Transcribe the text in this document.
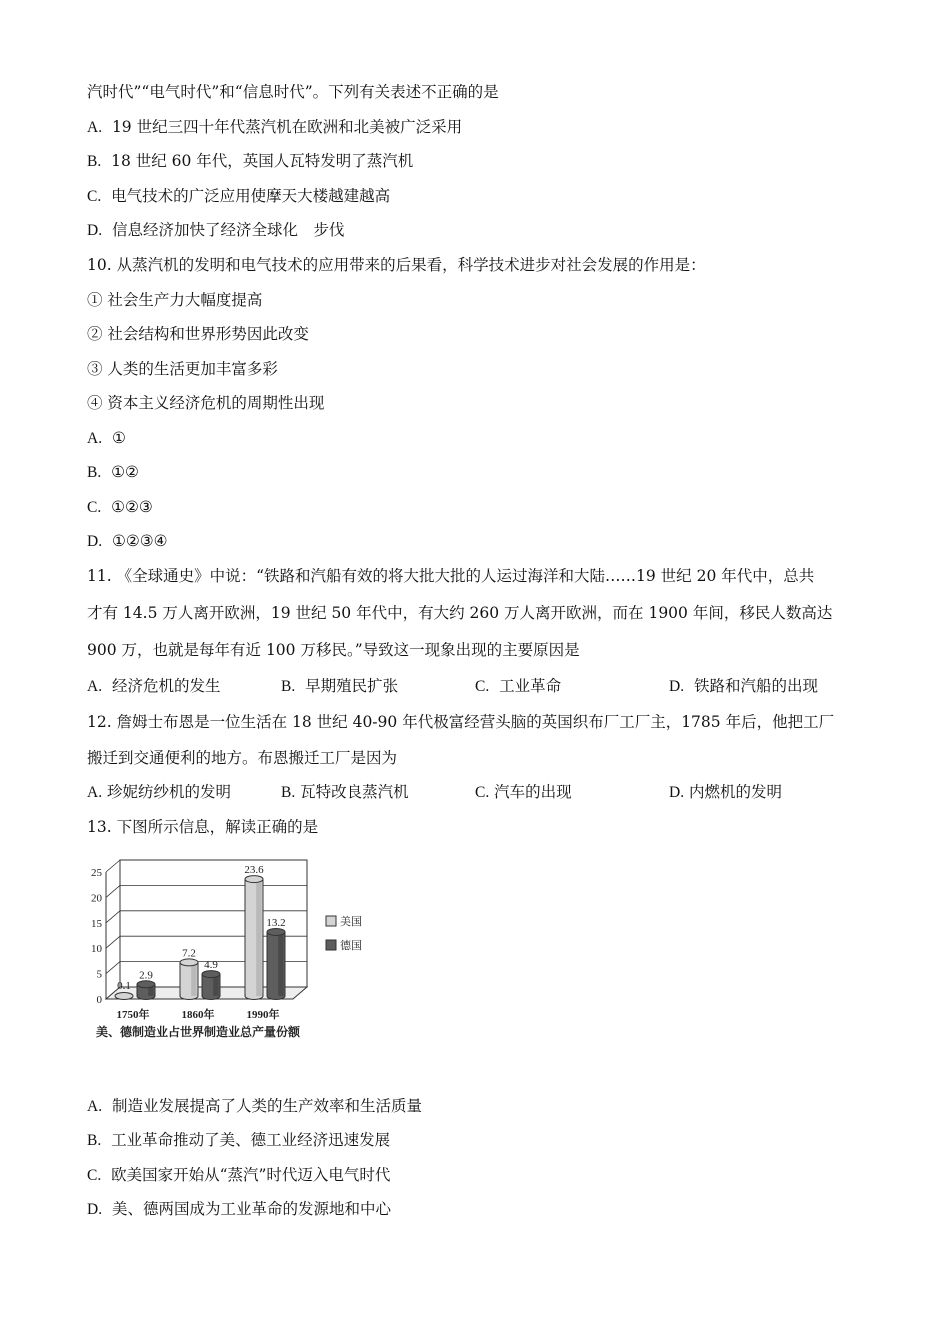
汽时代”“电气时代”和“信息时代”。下列有关表述不正确的是
A. 19 世纪三四十年代蒸汽机在欧洲和北美被广泛采用
B. 18 世纪 60 年代，英国人瓦特发明了蒸汽机
C. 电气技术的广泛应用使摩天大楼越建越高
D. 信息经济加快了经济全球化　步伐
10. 从蒸汽机的发明和电气技术的应用带来的后果看，科学技术进步对社会发展的作用是：
① 社会生产力大幅度提高
② 社会结构和世界形势因此改变
③ 人类的生活更加丰富多彩
④ 资本主义经济危机的周期性出现
A. ①
B. ①②
C. ①②③
D. ①②③④
11. 《全球通史》中说：“铁路和汽船有效的将大批大批的人运过海洋和大陆……19 世纪 20 年代中，总共
才有 14.5 万人离开欧洲，19 世纪 50 年代中，有大约 260 万人离开欧洲，而在 1900 年间，移民人数高达
900 万，也就是每年有近 100 万移民。”导致这一现象出现的主要原因是
A. 经济危机的发生	B. 早期殖民扩张	C. 工业革命	D. 铁路和汽船的出现
12. 詹姆士布恩是一位生活在 18 世纪 40-90 年代极富经营头脑的英国织布厂工厂主，1785 年后，他把工厂
搬迁到交通便利的地方。布恩搬迁工厂是因为
A. 珍妮纺纱机的发明	B. 瓦特改良蒸汽机	C. 汽车的出现	D. 内燃机的发明
13. 下图所示信息，解读正确的是
0
5
10
15
20
25
0.1
2.9
1750年
7.2
4.9
1860年
23.6
13.2
1990年
美国
德国
美、德制造业占世界制造业总产量份额
A. 制造业发展提高了人类的生产效率和生活质量
B. 工业革命推动了美、德工业经济迅速发展
C. 欧美国家开始从“蒸汽”时代迈入电气时代
D. 美、德两国成为工业革命的发源地和中心
